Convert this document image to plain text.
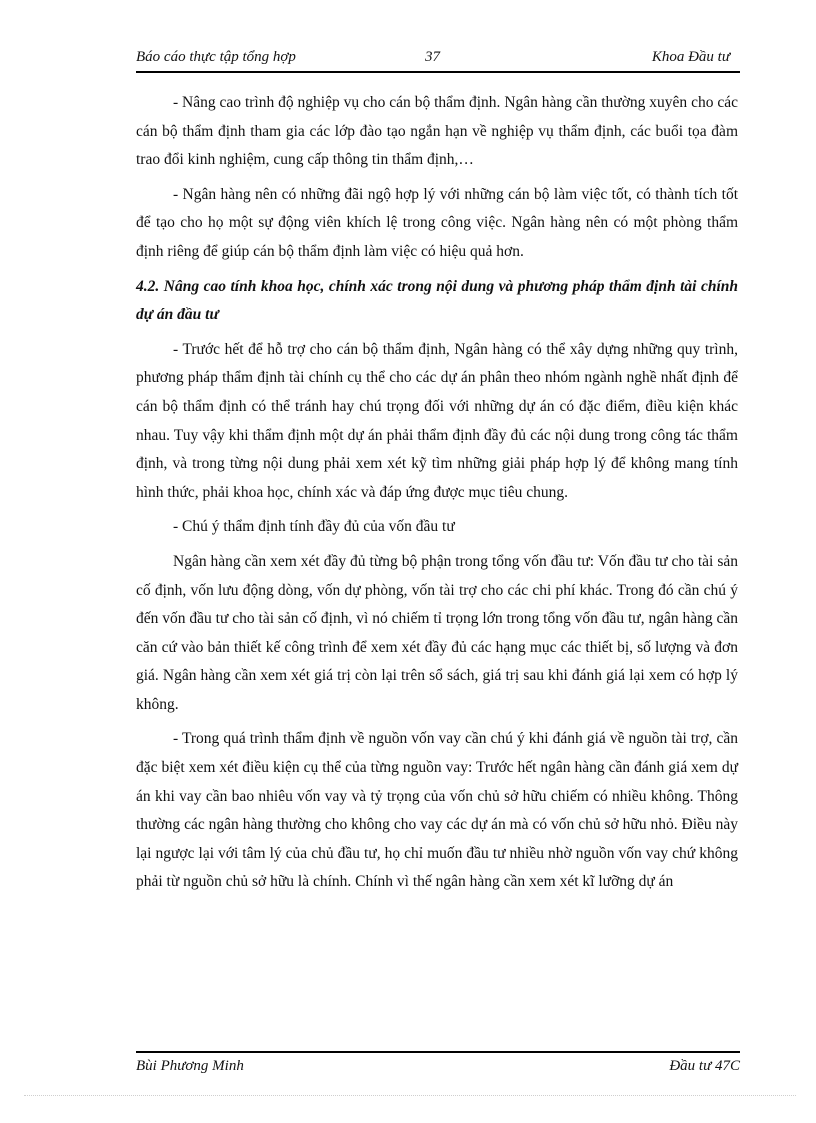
Báo cáo thực tập tổng hợp	37	Khoa Đầu tư

- Nâng cao trình độ nghiệp vụ cho cán bộ thẩm định. Ngân hàng cần thường xuyên cho các cán bộ thẩm định tham gia các lớp đào tạo ngắn hạn về nghiệp vụ thẩm định, các buổi tọa đàm trao đổi kinh nghiệm, cung cấp thông tin thẩm định,…

- Ngân hàng nên có những đãi ngộ hợp lý với những cán bộ làm việc tốt, có thành tích tốt để tạo cho họ một sự động viên khích lệ trong công việc. Ngân hàng nên có một phòng thẩm định riêng để giúp cán bộ thẩm định làm việc có hiệu quả hơn.

4.2. Nâng cao tính khoa học, chính xác trong nội dung và phương pháp thẩm định tài chính dự án đầu tư

- Trước hết để hỗ trợ cho cán bộ thẩm định, Ngân hàng có thể xây dựng những quy trình, phương pháp thẩm định tài chính cụ thể cho các dự án phân theo nhóm ngành nghề nhất định để cán bộ thẩm định có thể tránh hay chú trọng đối với những dự án có đặc điểm, điều kiện khác nhau. Tuy vậy khi thẩm định một dự án phải thẩm định đầy đủ các nội dung trong công tác thẩm định, và trong từng nội dung phải xem xét kỹ tìm những giải pháp hợp lý để không mang tính hình thức, phải khoa học, chính xác và đáp ứng được mục tiêu chung.

- Chú ý thẩm định tính đầy đủ của vốn đầu tư

Ngân hàng cần xem xét đầy đủ từng bộ phận trong tổng vốn đầu tư: Vốn đầu tư cho tài sản cố định, vốn lưu động dòng, vốn dự phòng, vốn tài trợ cho các chi phí khác. Trong đó cần chú ý đến vốn đầu tư cho tài sản cố định, vì nó chiếm tỉ trọng lớn trong tổng vốn đầu tư, ngân hàng cần căn cứ vào bản thiết kế công trình để xem xét đầy đủ các hạng mục các thiết bị, số lượng và đơn giá. Ngân hàng cần xem xét giá trị còn lại trên sổ sách, giá trị sau khi đánh giá lại xem có hợp lý không.

- Trong quá trình thẩm định về nguồn vốn vay cần chú ý khi đánh giá về nguồn tài trợ, cần đặc biệt xem xét điều kiện cụ thể của từng nguồn vay: Trước hết ngân hàng cần đánh giá xem dự án khi vay cần bao nhiêu vốn vay và tỷ trọng của vốn chủ sở hữu chiếm có nhiều không. Thông thường các ngân hàng thường cho không cho vay các dự án mà có vốn chủ sở hữu nhỏ. Điều này lại ngược lại với tâm lý của chủ đầu tư, họ chỉ muốn đầu tư nhiều nhờ nguồn vốn vay chứ không phải từ nguồn chủ sở hữu là chính. Chính vì thế ngân hàng cần xem xét kĩ lưỡng dự án

Bùi Phương Minh	Đầu tư 47C
